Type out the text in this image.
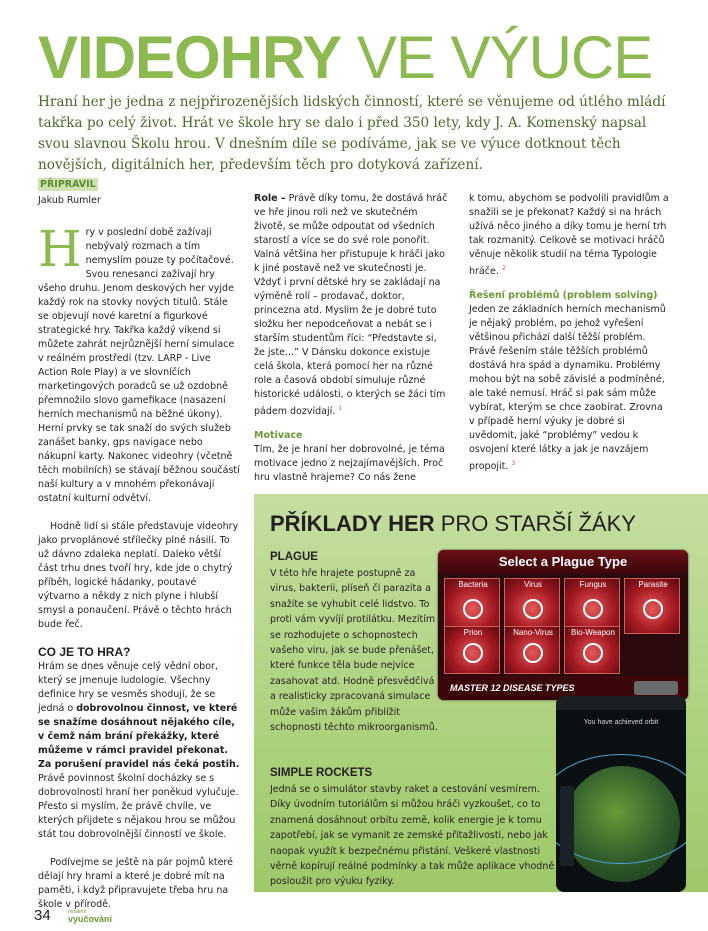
VIDEOHRY VE VÝUCE
Hraní her je jedna z nejpřirozenějších lidských činností, které se věnujeme od útlého mládí takřka po celý život. Hrát ve škole hry se dalo i před 350 lety, kdy J. A. Komenský napsal svou slavnou Školu hrou. V dnešním díle se podíváme, jak se ve výuce dotknout těch novějších, digitálních her, především těch pro dotyková zařízení.
PŘIPRAVIL
Jakub Rumler
H ry v poslední době zažívají nebývalý rozmach a tím nemyslím pouze ty počítačové. Svou renesanci zažívají hry všeho druhu. Jenom deskových her vyjde každý rok na stovky nových titulů. Stále se objevují nové karetní a figurkové strategické hry. Takřka každý víkend si můžete zahrát nejrůznější herní simulace v reálném prostředí (tzv. LARP - Live Action Role Play) a ve slovníčích marketingových poradců se už ozdobně přemnožilo slovo gamefikace (nasazení herních mechanismů na běžné úkony). Herní prvky se tak snaží do svých služeb zanášet banky, gps navigace nebo nákupní karty. Nakonec videohry (včetně těch mobilních) se stávají běžnou součástí naší kultury a v mnohém překonávají ostatní kulturní odvětví.

Hodně lidí si stále představuje videohry jako prvoplánové střílečky plné násilí. To už dávno zdaleka neplatí. Daleko větší část trhu dnes tvoří hry, kde jde o chytrý příběh, logické hádanky, poutavé výtvarno a někdy z nich plyne i hlubší smysl a ponaučení. Právě o těchto hrách bude řeč.

CO JE TO HRA?

Hrám se dnes věnuje celý vědní obor, který se jmenuje ludologie. Všechny definice hry se vesměs shodují, že se jedná o dobrovolnou činnost, ve které se snažíme dosáhnout nějakého cíle, v čemž nám brání překážky, které můžeme v rámci pravidel překonat. Za porušení pravidel nás čeká postih. Právě povinnost školní docházky se s dobrovolností hraní her poněkud vylučuje. Přesto si myslím, že právě chvíle, ve kterých přijdete s nějakou hrou se můžou stát tou dobrovolnější činností ve škole.

Podívejme se ještě na pár pojmů které dělají hry hrami a které je dobré mít na paměti, i když připravujete třeba hru na škole v přírodě.

Role – Právě díky tomu, že dostává hráč ve hře jinou roli než ve skutečném životě, se může odpoutat od všedních starostí a více se do své role ponořit. Valná většina her přistupuje k hráči jako k jiné postavě než ve skutečnosti je. Vždyť i první dětské hry se zakládají na výměně rolí – prodavač, doktor, princezna atd. Myslím že je dobré tuto složku her nepodceňovat a nebát se i starším studentům říci: “Představte si, že jste...” V Dánsku dokonce existuje celá škola, která pomocí her na různé role a časová období simuluje různé historické události, o kterých se žáci tím pádem dozvídají. $^1$

Motivace

Tím, že je hraní her dobrovolné, je téma motivace jedno z nejzajímavějších. Proč hru vlastně hrajeme? Co nás žene

k tomu, abychom se podvolili pravidlům a snažili se je překonat? Každý si na hrách užívá něco jiného a díky tomu je herní trh tak rozmanitý. Celkově se motivaci hráčů věnuje několik studií na téma Typologie hráče. $^2$

Řešení problémů (problem solving)

Jeden ze základních herních mechanismů je nějaký problém, po jehož vyřešení většinou přichází další těžší problém. Právě řešením stále těžších problémů dostává hra spád a dynamiku. Problémy mohou být na sobě závislé a podmíněné, ale také nemusí. Hráč si pak sám může vybírat, kterým se chce zaobírat. Zrovna v případě herní výuky je dobré si uvědomit, jaké “problémy” vedou k osvojení které látky a jak je navzájem propojit. $^3$

PŘÍKLADY HER PRO STARŠÍ ŽÁKY
PLAGUE
V této hře hrajete postupně za virus, bakterii, plíseň či parazita a snažíte se vyhubit celé lidstvo. To proti vám vyvíjí protilátku. Mezitím se rozhodujete o schopnostech vašeho viru, jak se bude přenášet, které funkce těla bude nejvíce zasahovat atd. Hodně přesvědčivá a realisticky zpracovaná simulace může vašim žákům přiblížit schopnosti těchto mikroorganismů.
SIMPLE ROCKETS
Jedná se o simulátor stavby raket a cestování vesmírem. Díky úvodním tutoriálům si můžou hráči vyzkoušet, co to znamená dosáhnout orbitu země, kolik energie je k tomu zapotřebí, jak se vymanit ze zemské přitažlivosti, nebo jak naopak využít k bezpečnému přistání. Veškeré vlastnosti věrně kopírují reálné podmínky a tak může aplikace vhodně posloužit pro výuku fyziky.
Select a Plague Type
Bacteria	Virus	Fungus	Parasite
Prion	Nano-Virus	Bio-Weapon
MASTER 12 DISEASE TYPES
You have achieved orbit
34	moderní
vyučování
